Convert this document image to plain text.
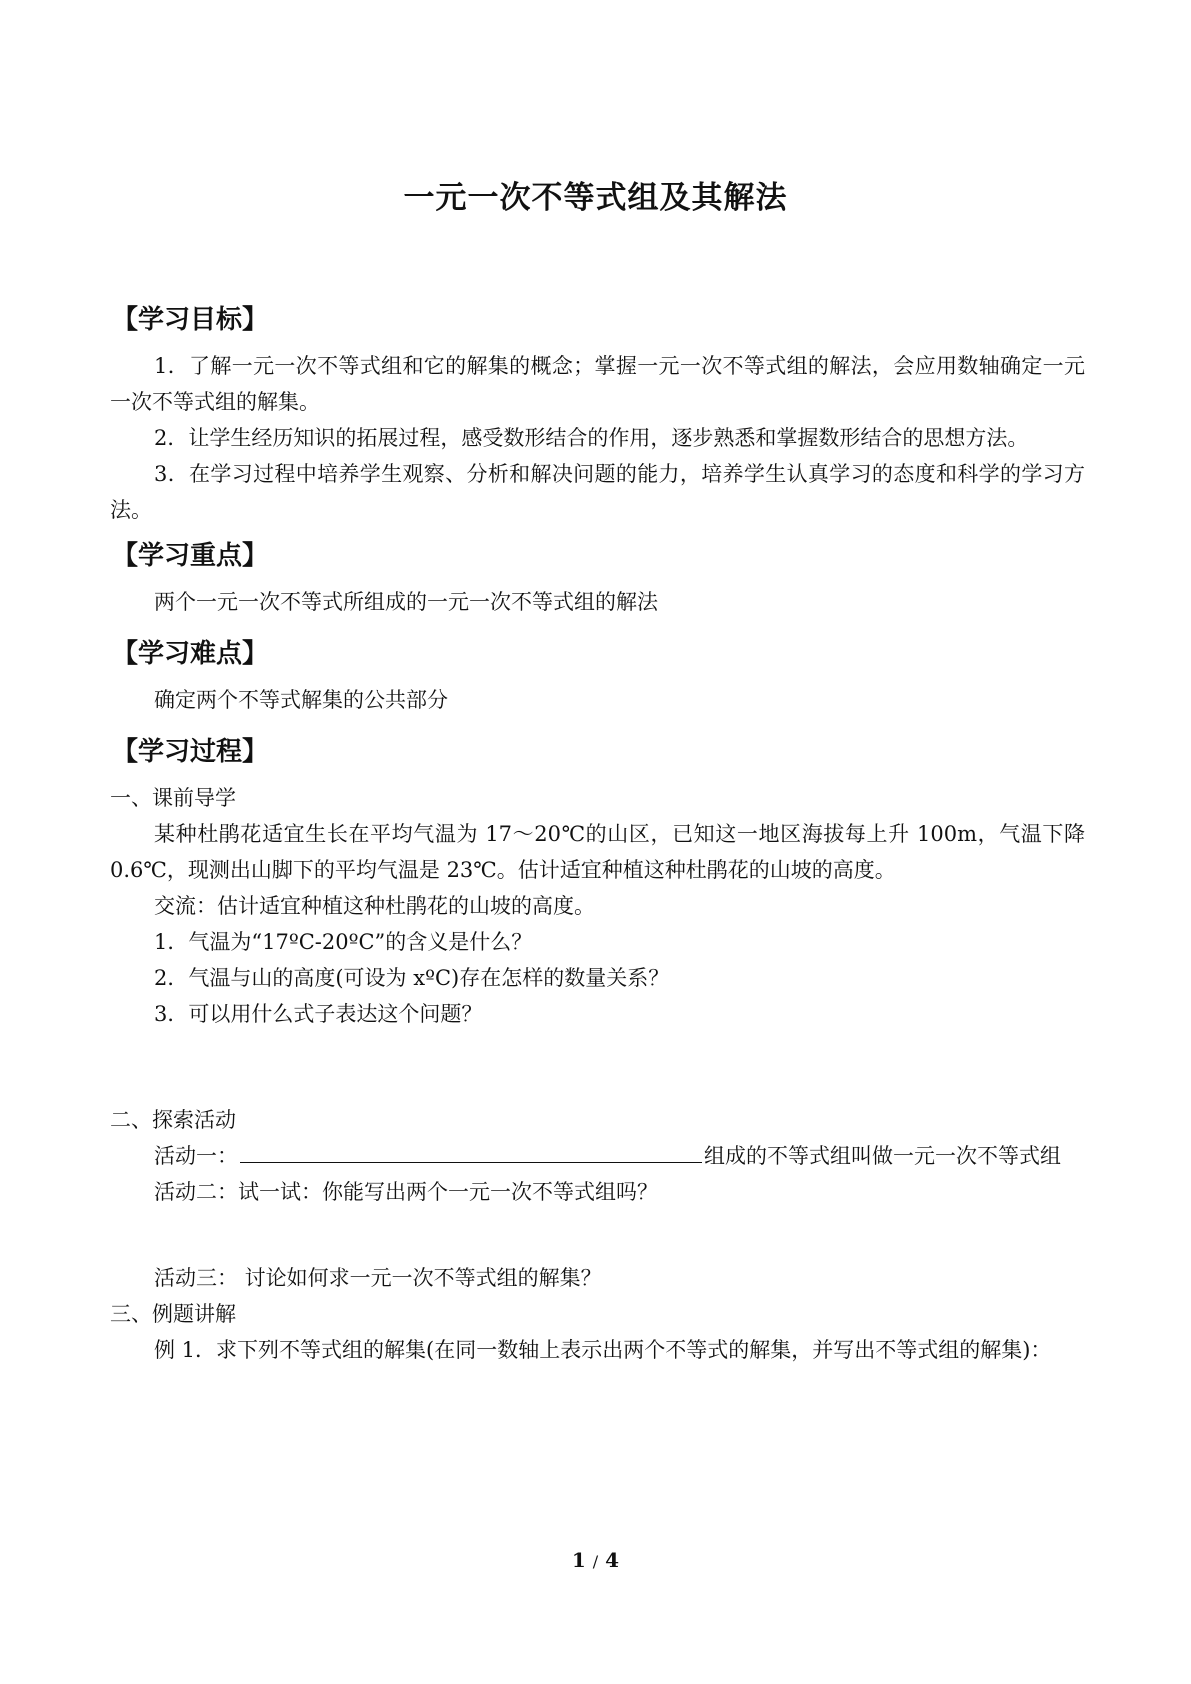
一元一次不等式组及其解法
【学习目标】
1．了解一元一次不等式组和它的解集的概念；掌握一元一次不等式组的解法，会应用数轴确定一元一次不等式组的解集。
2．让学生经历知识的拓展过程，感受数形结合的作用，逐步熟悉和掌握数形结合的思想方法。
3．在学习过程中培养学生观察、分析和解决问题的能力，培养学生认真学习的态度和科学的学习方法。
【学习重点】
两个一元一次不等式所组成的一元一次不等式组的解法
【学习难点】
确定两个不等式解集的公共部分
【学习过程】
一、课前导学
某种杜鹃花适宜生长在平均气温为 17～20℃的山区，已知这一地区海拔每上升 100m，气温下降 0.6℃，现测出山脚下的平均气温是 23℃。估计适宜种植这种杜鹃花的山坡的高度。
交流：估计适宜种植这种杜鹃花的山坡的高度。
1．气温为“17ºC-20ºC”的含义是什么？
2．气温与山的高度(可设为 xºC)存在怎样的数量关系？
3．可以用什么式子表达这个问题？
二、探索活动
活动一：	组成的不等式组叫做一元一次不等式组
活动二：试一试：你能写出两个一元一次不等式组吗？
活动三： 讨论如何求一元一次不等式组的解集？
三、例题讲解
例 1．求下列不等式组的解集(在同一数轴上表示出两个不等式的解集，并写出不等式组的解集)：
1 / 4
